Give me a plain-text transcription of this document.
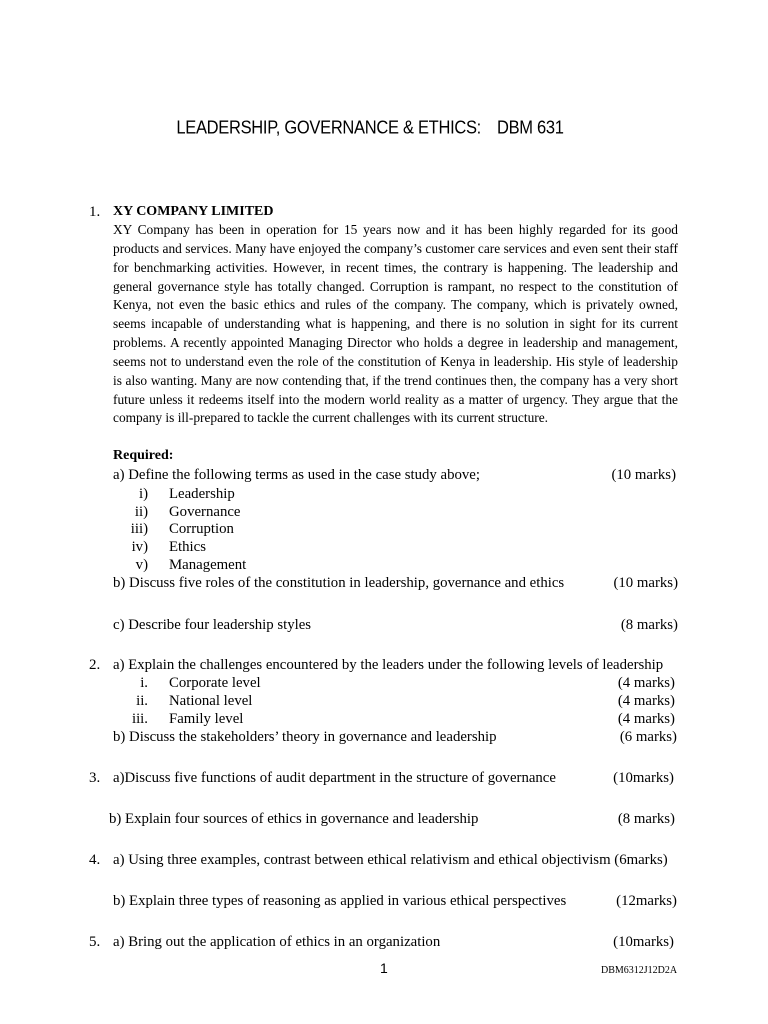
LEADERSHIP, GOVERNANCE & ETHICS: DBM 631
1. XY COMPANY LIMITED
XY Company has been in operation for 15 years now and it has been highly regarded for its good products and services. Many have enjoyed the company’s customer care services and even sent their staff for benchmarking activities. However, in recent times, the contrary is happening. The leadership and general governance style has totally changed. Corruption is rampant, no respect to the constitution of Kenya, not even the basic ethics and rules of the company. The company, which is privately owned, seems incapable of understanding what is happening, and there is no solution in sight for its current problems. A recently appointed Managing Director who holds a degree in leadership and management, seems not to understand even the role of the constitution of Kenya in leadership. His style of leadership is also wanting. Many are now contending that, if the trend continues then, the company has a very short future unless it redeems itself into the modern world reality as a matter of urgency. They argue that the company is ill-prepared to tackle the current challenges with its current structure.
Required:
a) Define the following terms as used in the case study above;	(10 marks)
i) Leadership
ii) Governance
iii) Corruption
iv) Ethics
v) Management
b) Discuss five roles of the constitution in leadership, governance and ethics	(10 marks)
c) Describe four leadership styles	(8 marks)
2. a) Explain the challenges encountered by the leaders under the following levels of leadership
i. Corporate level	(4 marks)
ii. National level	(4 marks)
iii. Family level	(4 marks)
b) Discuss the stakeholders’ theory in governance and leadership	(6 marks)
3. a)Discuss five functions of audit department in the structure of governance	(10marks)
b) Explain four sources of ethics in governance and leadership	(8 marks)
4. a) Using three examples, contrast between ethical relativism and ethical objectivism (6marks)
b) Explain three types of reasoning as applied in various ethical perspectives	(12marks)
5. a) Bring out the application of ethics in an organization	(10marks)
1	DBM6312J12D2A
